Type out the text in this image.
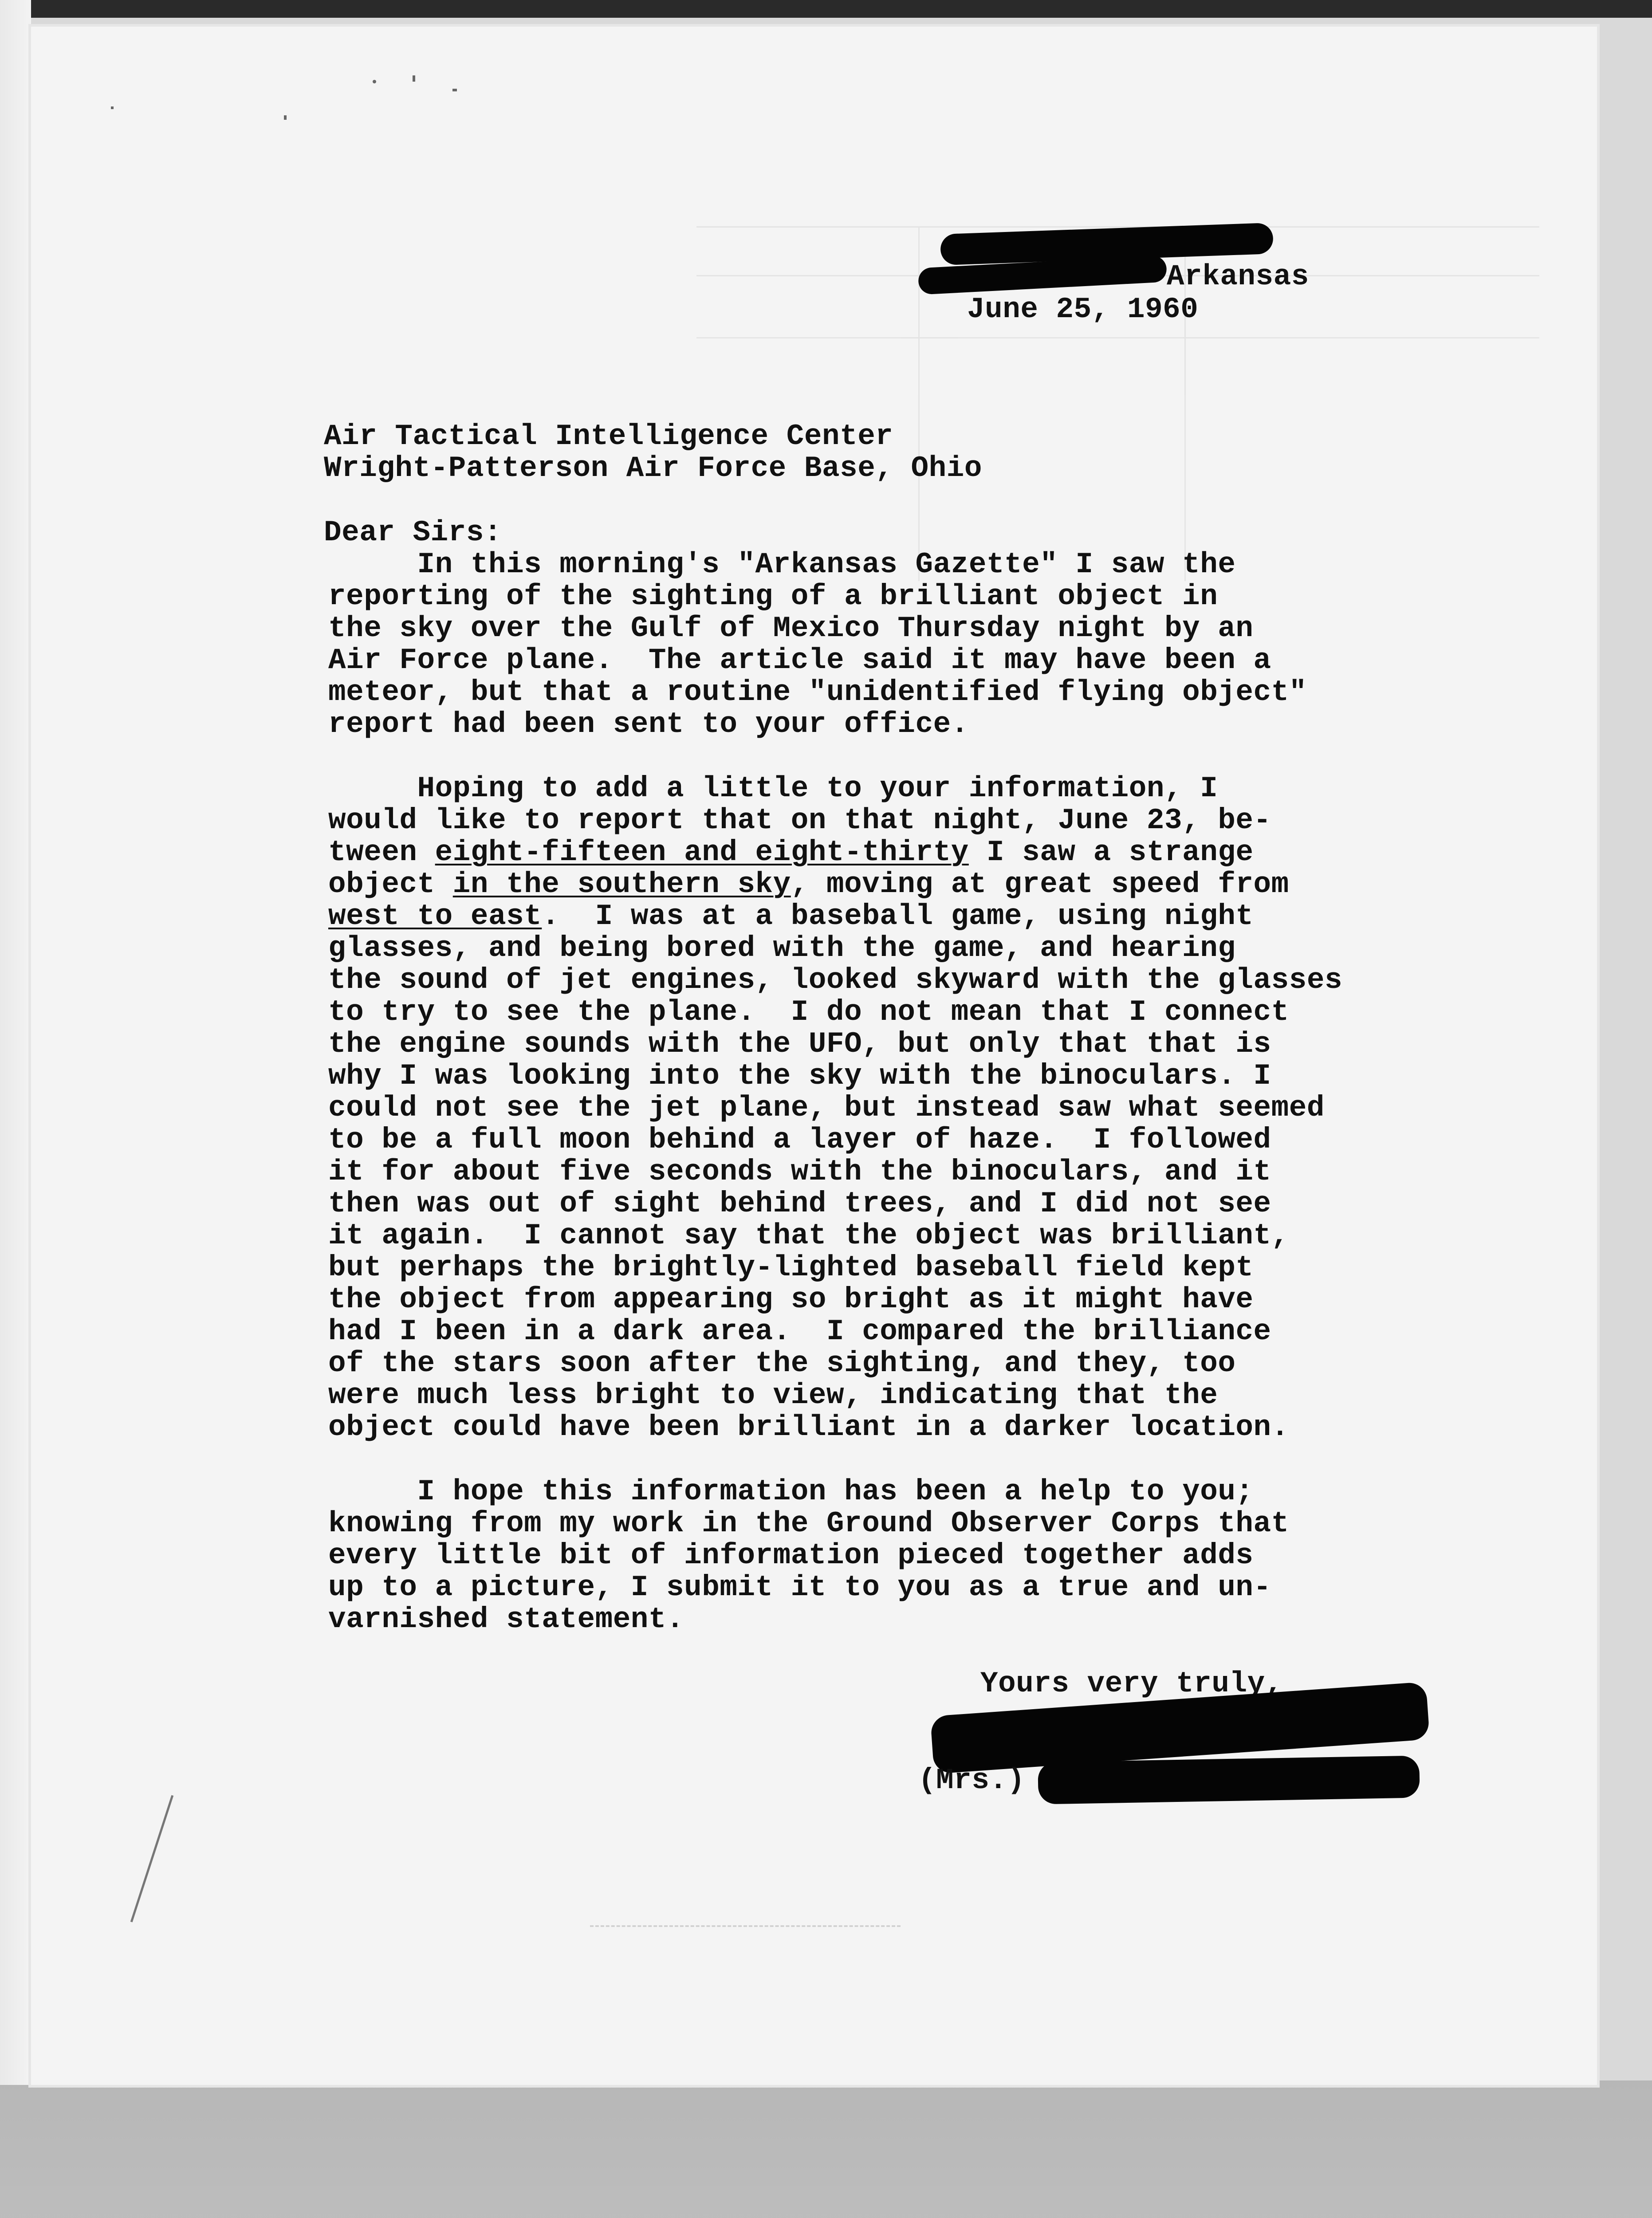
Arkansas
June 25, 1960
Air Tactical Intelligence Center
Wright-Patterson Air Force Base, Ohio
Dear Sirs:
In this morning's "Arkansas Gazette" I saw the
reporting of the sighting of a brilliant object in
the sky over the Gulf of Mexico Thursday night by an
Air Force plane.  The article said it may have been a
meteor, but that a routine "unidentified flying object"
report had been sent to your office.
Hoping to add a little to your information, I
would like to report that on that night, June 23, be-
tween eight-fifteen and eight-thirty I saw a strange
object in the southern sky, moving at great speed from
west to east.  I was at a baseball game, using night
glasses, and being bored with the game, and hearing
the sound of jet engines, looked skyward with the glasses
to try to see the plane.  I do not mean that I connect
the engine sounds with the UFO, but only that that is
why I was looking into the sky with the binoculars. I
could not see the jet plane, but instead saw what seemed
to be a full moon behind a layer of haze.  I followed
it for about five seconds with the binoculars, and it
then was out of sight behind trees, and I did not see
it again.  I cannot say that the object was brilliant,
but perhaps the brightly-lighted baseball field kept
the object from appearing so bright as it might have
had I been in a dark area.  I compared the brilliance
of the stars soon after the sighting, and they, too
were much less bright to view, indicating that the
object could have been brilliant in a darker location.
I hope this information has been a help to you;
knowing from my work in the Ground Observer Corps that
every little bit of information pieced together adds
up to a picture, I submit it to you as a true and un-
varnished statement.
Yours very truly,
(Mrs.)
